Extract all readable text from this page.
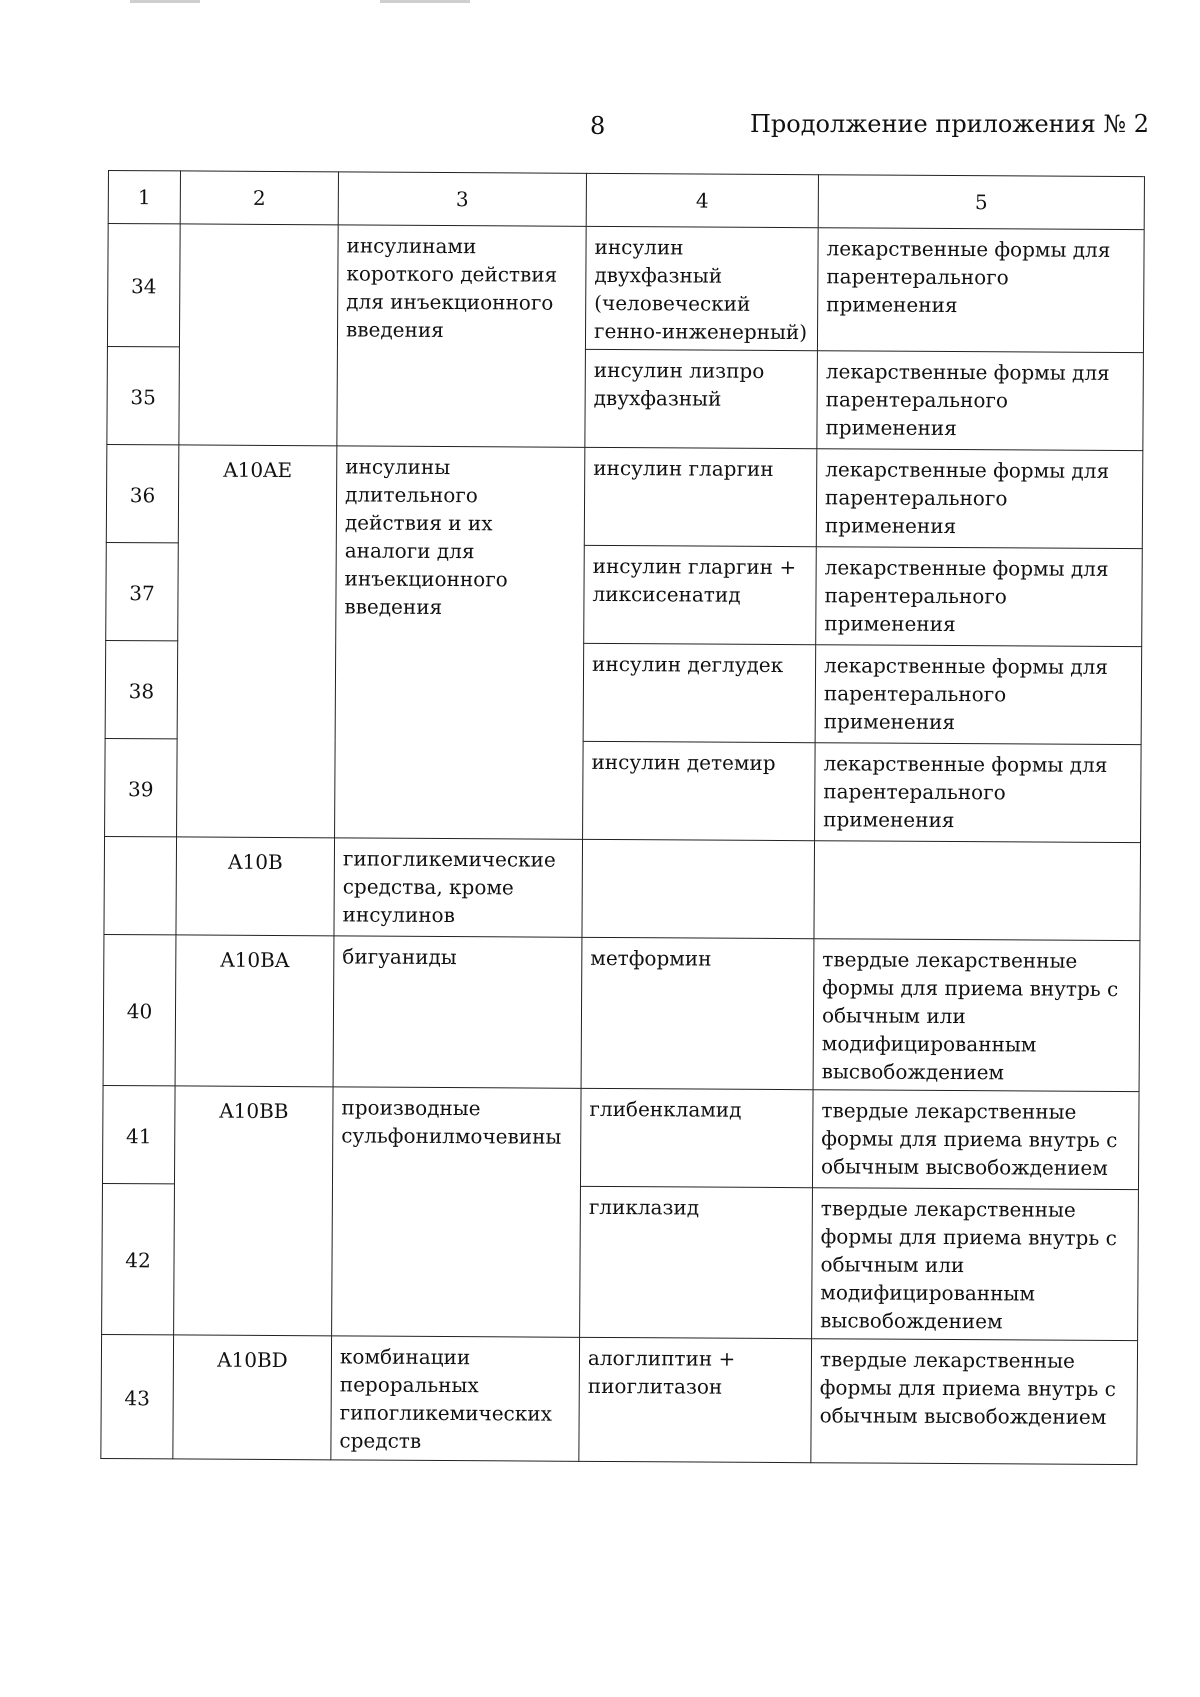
8	Продолжение приложения № 2
1	2	3	4	5
34		инсулинами короткого действия для инъекционного введения	инсулин двухфазный (человеческий генно-инженерный)	лекарственные формы для парентерального применения
35			инсулин лизпро двухфазный	лекарственные формы для парентерального применения
36	A10AE	инсулины длительного действия и их аналоги для инъекционного введения	инсулин гларгин	лекарственные формы для парентерального применения
37			инсулин гларгин + ликсисенатид	лекарственные формы для парентерального применения
38			инсулин деглудек	лекарственные формы для парентерального применения
39			инсулин детемир	лекарственные формы для парентерального применения
	A10B	гипогликемические средства, кроме инсулинов		
40	A10BA	бигуаниды	метформин	твердые лекарственные формы для приема внутрь с обычным или модифицированным высвобождением
41	A10BB	производные сульфонилмочевины	глибенкламид	твердые лекарственные формы для приема внутрь с обычным высвобождением
42			гликлазид	твердые лекарственные формы для приема внутрь с обычным или модифицированным высвобождением
43	A10BD	комбинации пероральных гипогликемических средств	алоглиптин + пиоглитазон	твердые лекарственные формы для приема внутрь с обычным высвобождением
